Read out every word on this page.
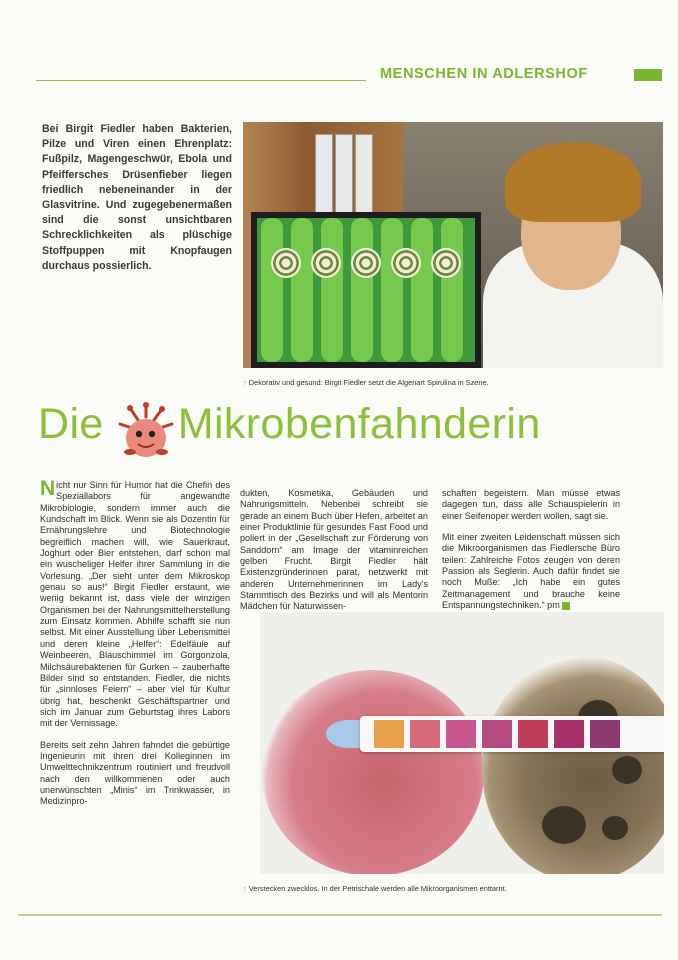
MENSCHEN IN ADLERSHOF
Bei Birgit Fiedler haben Bakterien, Pilze und Viren einen Ehrenplatz: Fußpilz, Magengeschwür, Ebola und Pfeiffersches Drüsenfieber liegen friedlich nebeneinander in der Glasvitrine. Und zugegebenermaßen sind die sonst unsichtbaren Schrecklichkeiten als plüschige Stoffpuppen mit Knopfaugen durchaus possierlich.
↑ Dekorativ und gesund: Birgit Fiedler setzt die Algenart Spirulina in Szene.
Die Mikrobenfahnderin

Nicht nur Sinn für Humor hat die Chefin des Speziallabors für angewandte Mikrobiologie, sondern immer auch die Kundschaft im Blick. Wenn sie als Dozentin für Ernährungslehre und Biotechnologie begreiflich machen will, wie Sauerkraut, Joghurt oder Bier entstehen, darf schon mal ein wuscheliger Helfer ihrer Sammlung in die Vorlesung. „Der sieht unter dem Mikroskop genau so aus!“ Birgit Fiedler erstaunt, wie wenig bekannt ist, dass viele der winzigen Organismen bei der Nahrungsmittelherstellung zum Einsatz kommen. Abhilfe schafft sie nun selbst. Mit einer Ausstellung über Lebensmittel und deren kleine „Helfer“: Edelfäule auf Weinbeeren, Blauschimmel im Gorgonzola, Milchsäurebakterien für Gurken – zauberhafte Bilder sind so entstanden. Fiedler, die nichts für „sinnloses Feiern“ – aber viel für Kultur übrig hat, beschenkt Geschäftspartner und sich im Januar zum Geburtstag ihres Labors mit der Vernissage.

Bereits seit zehn Jahren fahndet die gebürtige Ingenieurin mit ihren drei Kolleginnen im Umwelttechnikzentrum routiniert und freudvoll nach den willkommenen oder auch unerwünschten „Minis“ im Trinkwasser, in Medizinpro-

dukten, Kosmetika, Gebäuden und Nahrungsmitteln. Nebenbei schreibt sie gerade an einem Buch über Hefen, arbeitet an einer Produktlinie für gesundes Fast Food und poliert in der „Gesellschaft zur Förderung von Sanddorn“ am Image der vitaminreichen gelben Frucht. Birgit Fiedler hält Existenzgründerinnen parat, netzwerkt mit anderen Unternehmerinnen im Lady's Stammtisch des Bezirks und will als Mentorin Mädchen für Naturwissen-

schaften begeistern. Man müsse etwas dagegen tun, dass alle Schauspielerin in einer Seifenoper werden wollen, sagt sie.

Mit einer zweiten Leidenschaft müssen sich die Mikroorganismen das Fiedlersche Büro teilen: Zahlreiche Fotos zeugen von deren Passion als Seglerin. Auch dafür findet sie noch Muße: „Ich habe ein gutes Zeitmanagement und brauche keine Entspannungstechniken.“ pm

↑ Verstecken zwecklos. In der Petrischale werden alle Mikroorganismen enttarnt.
